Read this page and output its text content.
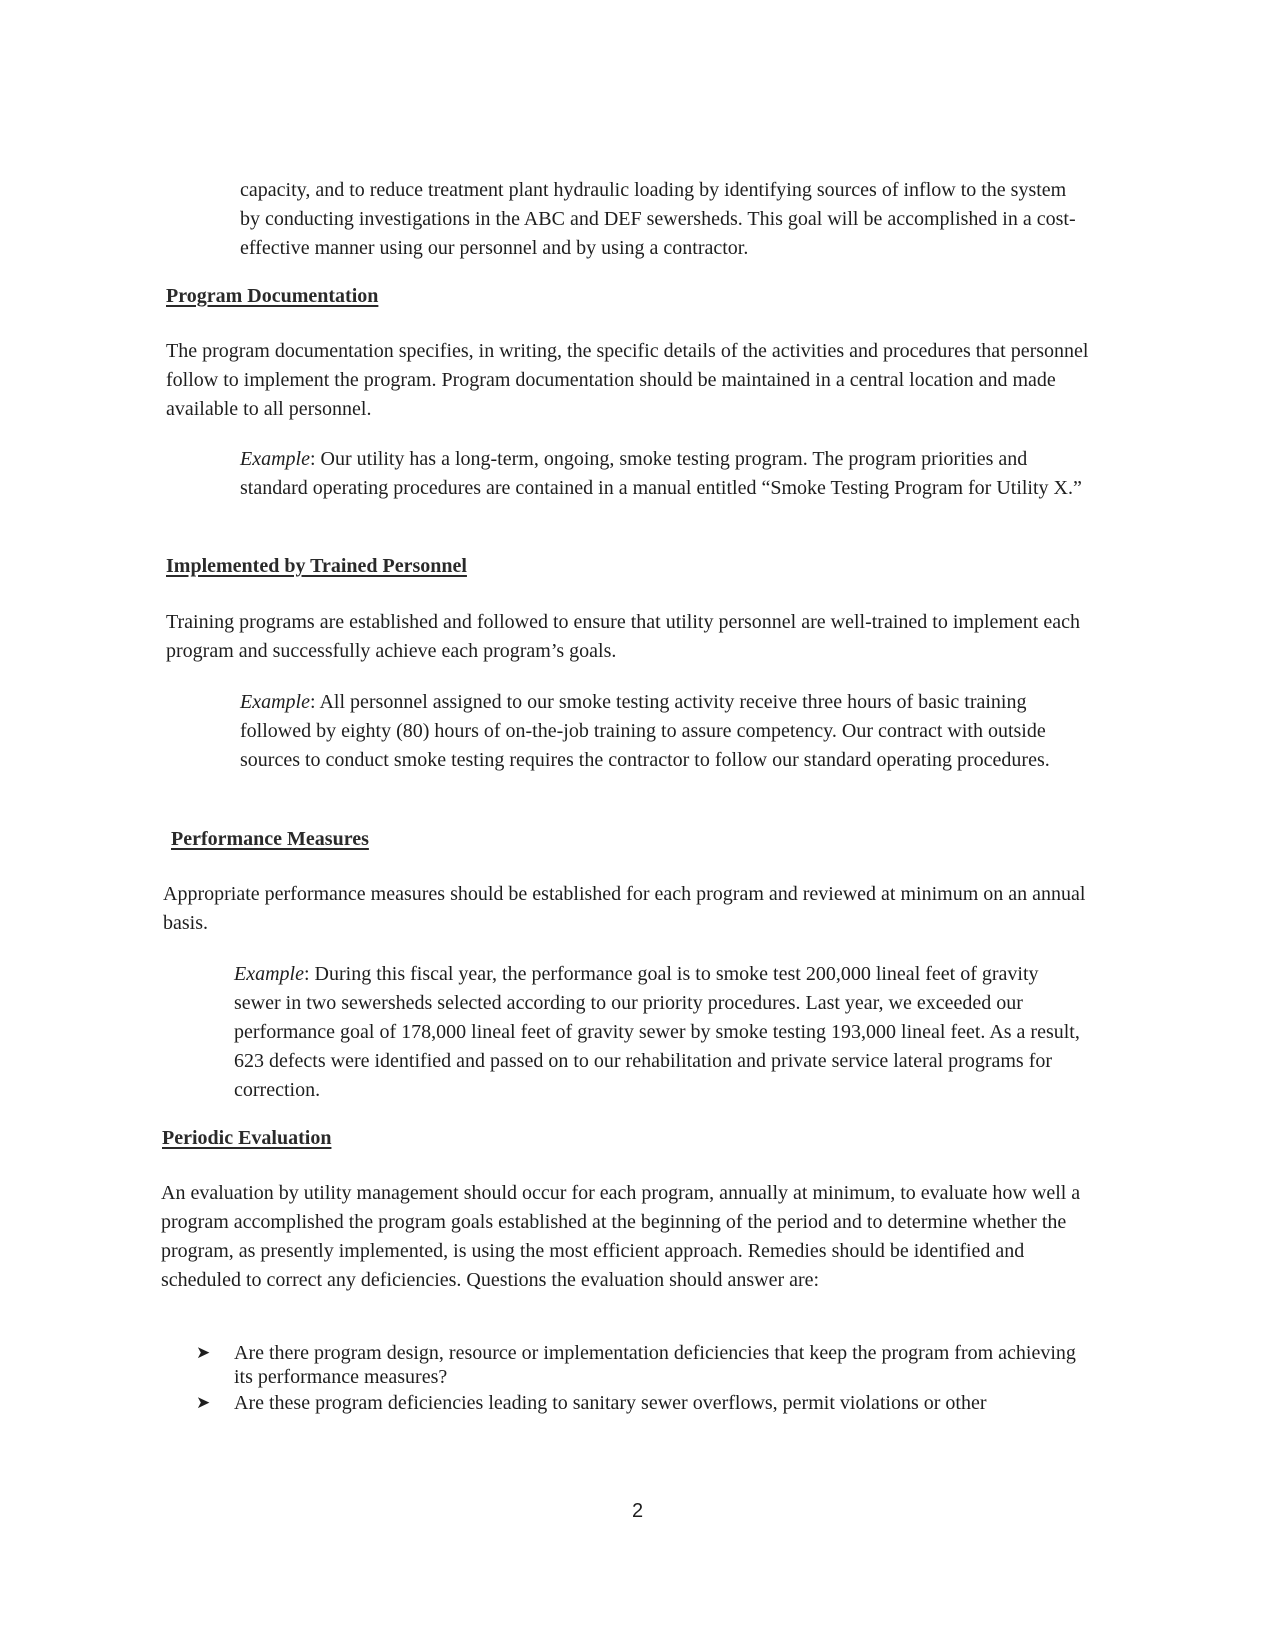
capacity, and to reduce treatment plant hydraulic loading by identifying sources of inflow to the system by conducting investigations in the ABC and DEF sewersheds. This goal will be accomplished in a cost-effective manner using our personnel and by using a contractor.

Program Documentation

The program documentation specifies, in writing, the specific details of the activities and procedures that personnel follow to implement the program. Program documentation should be maintained in a central location and made available to all personnel.

Example: Our utility has a long-term, ongoing, smoke testing program. The program priorities and standard operating procedures are contained in a manual entitled “Smoke Testing Program for Utility X.”

Implemented by Trained Personnel

Training programs are established and followed to ensure that utility personnel are well-trained to implement each program and successfully achieve each program’s goals.

Example: All personnel assigned to our smoke testing activity receive three hours of basic training followed by eighty (80) hours of on-the-job training to assure competency. Our contract with outside sources to conduct smoke testing requires the contractor to follow our standard operating procedures.

Performance Measures

Appropriate performance measures should be established for each program and reviewed at minimum on an annual basis.

Example: During this fiscal year, the performance goal is to smoke test 200,000 lineal feet of gravity sewer in two sewersheds selected according to our priority procedures. Last year, we exceeded our performance goal of 178,000 lineal feet of gravity sewer by smoke testing 193,000 lineal feet. As a result, 623 defects were identified and passed on to our rehabilitation and private service lateral programs for correction.

Periodic Evaluation

An evaluation by utility management should occur for each program, annually at minimum, to evaluate how well a program accomplished the program goals established at the beginning of the period and to determine whether the program, as presently implemented, is using the most efficient approach. Remedies should be identified and scheduled to correct any deficiencies. Questions the evaluation should answer are:

➤ Are there program design, resource or implementation deficiencies that keep the program from achieving its performance measures?
➤ Are these program deficiencies leading to sanitary sewer overflows, permit violations or other
2
